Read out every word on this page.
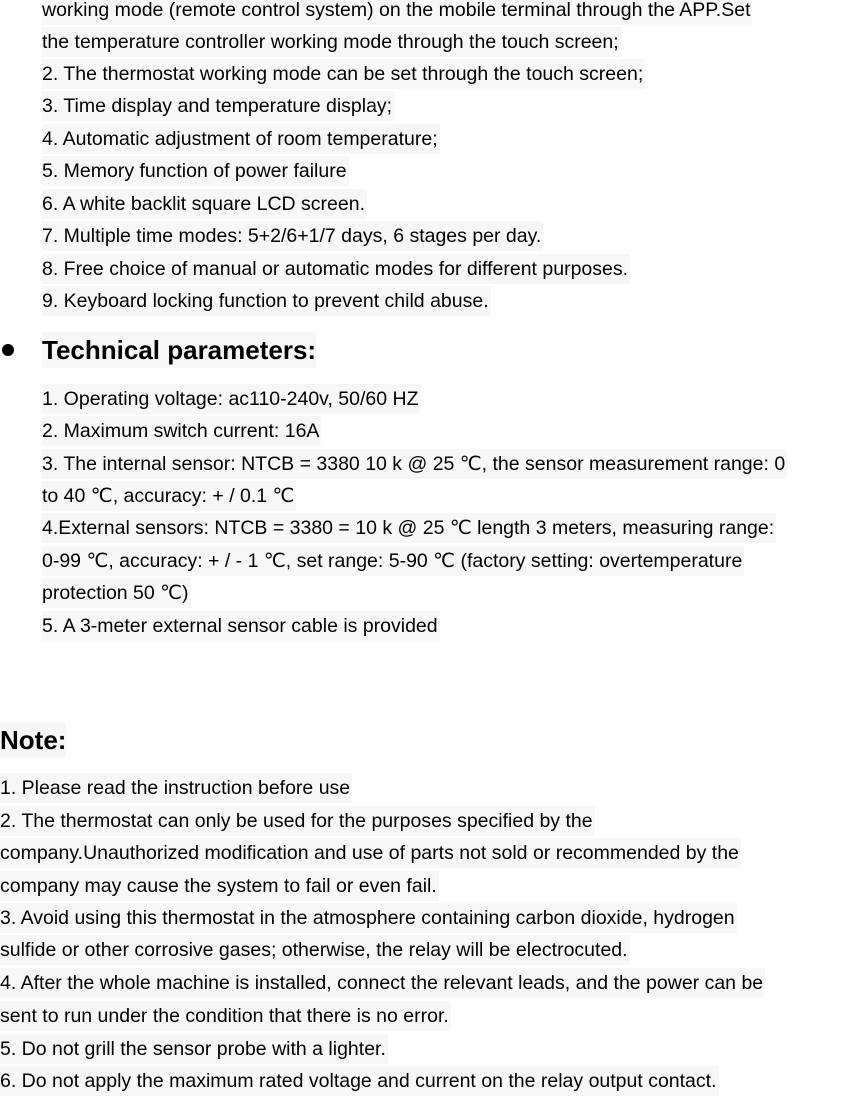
working mode (remote control system) on the mobile terminal through the APP.Set
the temperature controller working mode through the touch screen;
2. The thermostat working mode can be set through the touch screen;
3. Time display and temperature display;
4. Automatic adjustment of room temperature;
5. Memory function of power failure
6. A white backlit square LCD screen.
7. Multiple time modes: 5+2/6+1/7 days, 6 stages per day.
8. Free choice of manual or automatic modes for different purposes.
9. Keyboard locking function to prevent child abuse.
Technical parameters:
1. Operating voltage: ac110-240v, 50/60 HZ
2. Maximum switch current: 16A
3. The internal sensor: NTCB = 3380 10 k @ 25 ℃, the sensor measurement range: 0
to 40 ℃, accuracy: + / 0.1 ℃
4.External sensors: NTCB = 3380 = 10 k @ 25 ℃ length 3 meters, measuring range:
0-99 ℃, accuracy: + / - 1 ℃, set range: 5-90 ℃ (factory setting: overtemperature
protection 50 ℃)
5. A 3-meter external sensor cable is provided
Note:
1. Please read the instruction before use
2. The thermostat can only be used for the purposes specified by the
company.Unauthorized modification and use of parts not sold or recommended by the
company may cause the system to fail or even fail.
3. Avoid using this thermostat in the atmosphere containing carbon dioxide, hydrogen
sulfide or other corrosive gases; otherwise, the relay will be electrocuted.
4. After the whole machine is installed, connect the relevant leads, and the power can be
sent to run under the condition that there is no error.
5. Do not grill the sensor probe with a lighter.
6. Do not apply the maximum rated voltage and current on the relay output contact.
